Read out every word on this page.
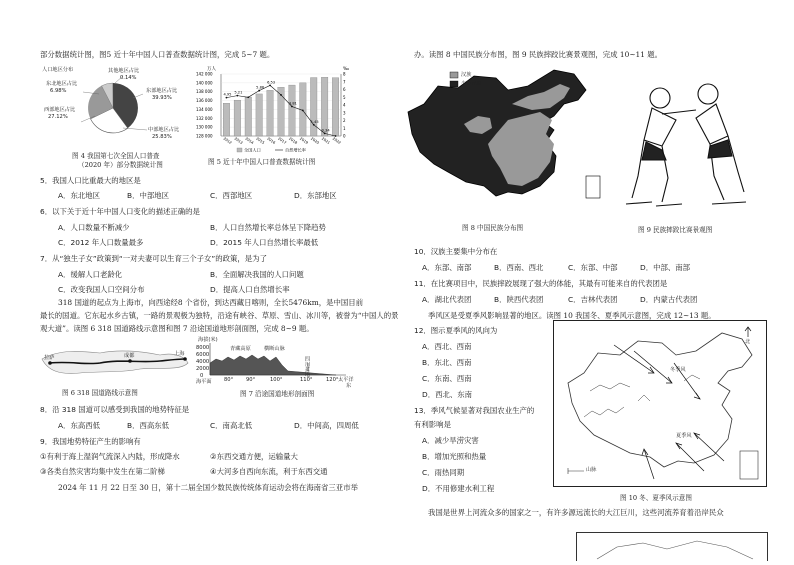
部分数据统计图，图5 近十年中国人口普查数据统计图，完成 5~7 题。
人口地区分布	其他地区占比
0.14%
东北地区占比
6.98%	东部地区占比
39.93%
西部地区占比
27.12%
中部地区占比
25.83%
图 4 我国第七次全国人口普查
（2020 年）部分数据统计图
万人	‰
142 000
140 000
138 000
136 000
134 000
132 000
130 000
128 000
8
7
6
5
4
3
2
1
0
2012 2013 2014 2015 2016 2017 2018 2019 2020 2021 2022
4.95
5.21
5.86
6.53
3.81
1.45
0.34
全国人口	自然增长率
图 5 近十年中国人口普查数据统计图
5．我国人口比重最大的地区是
A．东北地区	B．中部地区	C．西部地区	D．东部地区
6．以下关于近十年中国人口变化的描述正确的是
A．人口数量不断减少	B．人口自然增长率总体呈下降趋势
C．2012 年人口数量最多	D．2015 年人口自然增长率最低
7．从“独生子女”政策到“一对夫妻可以生育三个子女”的政策，是为了
A．缓解人口老龄化	B．全面解决我国的人口问题
C．改变我国人口空间分布	D．提高人口自然增长率
318 国道的起点为上海市，向西途经8 个省份，到达西藏日喀则，全长5476km，是中国目前
最长的国道。它东起水乡古镇，一路的景观极为独特，沿途有峡谷、草原、雪山、冰川等，被誉为“中国人的景
观大道”。读图 6 318 国道路线示意图和图 7 沿途国道地形剖面图，完成 8~9 题。
拉萨	成都	上海
图 6 318 国道路线示意图
海拔(米)
8000
6000
4000
2000
0
青藏高原	横断山脉
四川盆地
海平面 80° 90°	100°	110°	120° 太平洋
东
图 7 沿途国道地形剖面图
8．沿 318 国道可以感受到我国的地势特征是
A．东高西低	B．西高东低	C．南高北低	D．中间高，四周低
9．我国地势特征产生的影响有
①有利于海上湿润气流深入内陆，形成降水	②东西交通方便，运输量大
③各类自然灾害均集中发生在第二阶梯	④大河多自西向东流，利于东西交通
2024 年 11 月 22 日至 30 日，第十二届全国少数民族传统体育运动会将在海南省三亚市举
办。读图 8 中国民族分布图，图 9 民族摔跤比赛景观图，完成 10~11 题。
汉族
少数民族
图 8 中国民族分布图	图 9 民族摔跤比赛景观图
10．汉族主要集中分布在
A．东部、南部	B．西南、西北	C．东部、中部	D．中部、南部
11．在比赛项目中，民族摔跤展现了强大的体能，其最有可能来自的代表团是
A．湖北代表团	B．陕西代表团	C．吉林代表团	D．内蒙古代表团
季风区是受夏季风影响显著的地区。读图 10 我国冬、夏季风示意图，完成 12~13 题。
12．图示夏季风的风向为
A．西北、西南
B．东北、西南
C．东南、西南
D．西北、东南
13．季风气候显著对我国农业生产的
有利影响是
A．减少旱涝灾害
B．增加光照和热量
C．雨热同期
D．不用修建水利工程
冬季风
夏季风
北
山脉
图 10 冬、夏季风示意图
我国是世界上河流众多的国家之一，有许多源远流长的大江巨川，这些河流养育着沿岸民众
